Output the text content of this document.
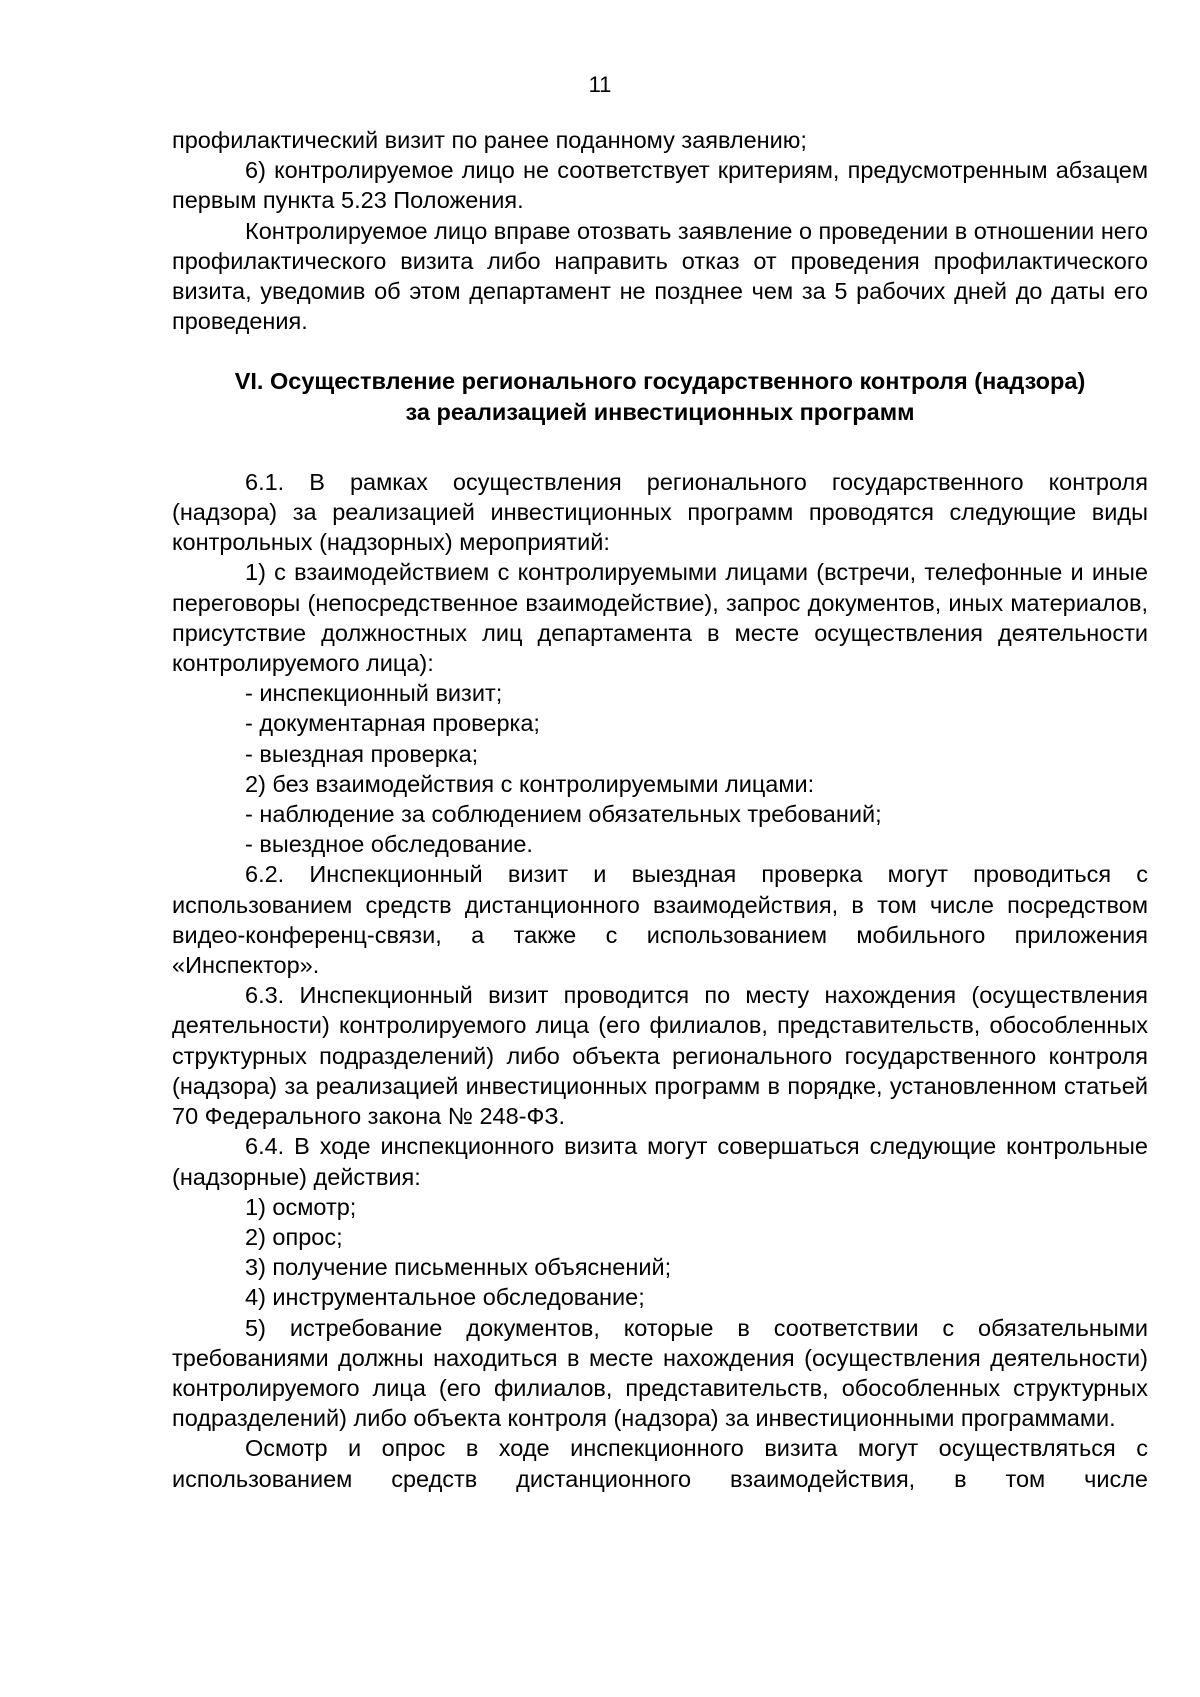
11

профилактический визит по ранее поданному заявлению;

6) контролируемое лицо не соответствует критериям, предусмотренным абзацем первым пункта 5.23 Положения.

Контролируемое лицо вправе отозвать заявление о проведении в отношении него профилактического визита либо направить отказ от проведения профилактического визита, уведомив об этом департамент не позднее чем за 5 рабочих дней до даты его проведения.

VI. Осуществление регионального государственного контроля (надзора)
за реализацией инвестиционных программ

6.1. В рамках осуществления регионального государственного контроля (надзора) за реализацией инвестиционных программ проводятся следующие виды контрольных (надзорных) мероприятий:

1) с взаимодействием с контролируемыми лицами (встречи, телефонные и иные переговоры (непосредственное взаимодействие), запрос документов, иных материалов, присутствие должностных лиц департамента в месте осуществления деятельности контролируемого лица):

- инспекционный визит;

- документарная проверка;

- выездная проверка;

2) без взаимодействия с контролируемыми лицами:

- наблюдение за соблюдением обязательных требований;

- выездное обследование.

6.2. Инспекционный визит и выездная проверка могут проводиться с использованием средств дистанционного взаимодействия, в том числе посредством видео-конференц-связи, а также с использованием мобильного приложения «Инспектор».

6.3. Инспекционный визит проводится по месту нахождения (осуществления деятельности) контролируемого лица (его филиалов, представительств, обособленных структурных подразделений) либо объекта регионального государственного контроля (надзора) за реализацией инвестиционных программ в порядке, установленном статьей 70 Федерального закона № 248-ФЗ.

6.4. В ходе инспекционного визита могут совершаться следующие контрольные (надзорные) действия:

1) осмотр;

2) опрос;

3) получение письменных объяснений;

4) инструментальное обследование;

5) истребование документов, которые в соответствии с обязательными требованиями должны находиться в месте нахождения (осуществления деятельности) контролируемого лица (его филиалов, представительств, обособленных структурных подразделений) либо объекта контроля (надзора) за инвестиционными программами.

Осмотр и опрос в ходе инспекционного визита могут осуществляться с использованием средств дистанционного взаимодействия, в том числе
